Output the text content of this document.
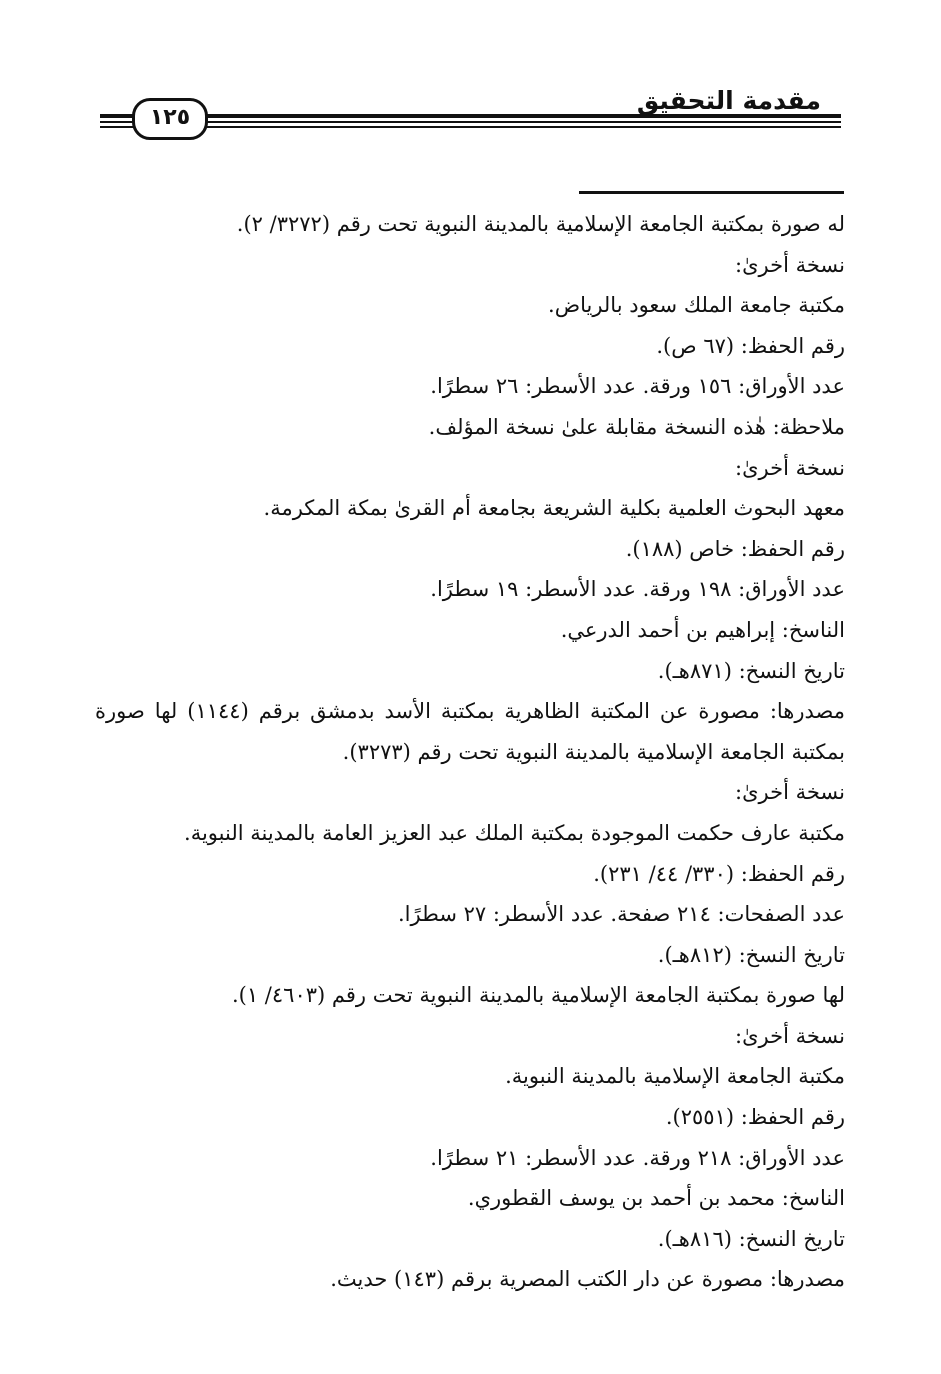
مقدمة التحقيق
١٢٥
له صورة بمكتبة الجامعة الإسلامية بالمدينة النبوية تحت رقم (٣٢٧٢/ ٢).
نسخة أخرىٰ:
مكتبة جامعة الملك سعود بالرياض.
رقم الحفظ: (٦٧ ص).
عدد الأوراق: ١٥٦ ورقة. عدد الأسطر: ٢٦ سطرًا.
ملاحظة: هٰذه النسخة مقابلة علىٰ نسخة المؤلف.
نسخة أخرىٰ:
معهد البحوث العلمية بكلية الشريعة بجامعة أم القرىٰ بمكة المكرمة.
رقم الحفظ: خاص (١٨٨).
عدد الأوراق: ١٩٨ ورقة. عدد الأسطر: ١٩ سطرًا.
الناسخ: إبراهيم بن أحمد الدرعي.
تاريخ النسخ: (٨٧١هـ).
مصدرها: مصورة عن المكتبة الظاهرية بمكتبة الأسد بدمشق برقم (١١٤٤) لها صورة بمكتبة الجامعة الإسلامية بالمدينة النبوية تحت رقم (٣٢٧٣).
نسخة أخرىٰ:
مكتبة عارف حكمت الموجودة بمكتبة الملك عبد العزيز العامة بالمدينة النبوية.
رقم الحفظ: (٣٣٠/ ٤٤/ ٢٣١).
عدد الصفحات: ٢١٤ صفحة. عدد الأسطر: ٢٧ سطرًا.
تاريخ النسخ: (٨١٢هـ).
لها صورة بمكتبة الجامعة الإسلامية بالمدينة النبوية تحت رقم (٤٦٠٣/ ١).
نسخة أخرىٰ:
مكتبة الجامعة الإسلامية بالمدينة النبوية.
رقم الحفظ: (٢٥٥١).
عدد الأوراق: ٢١٨ ورقة. عدد الأسطر: ٢١ سطرًا.
الناسخ: محمد بن أحمد بن يوسف القطوري.
تاريخ النسخ: (٨١٦هـ).
مصدرها: مصورة عن دار الكتب المصرية برقم (١٤٣) حديث.
